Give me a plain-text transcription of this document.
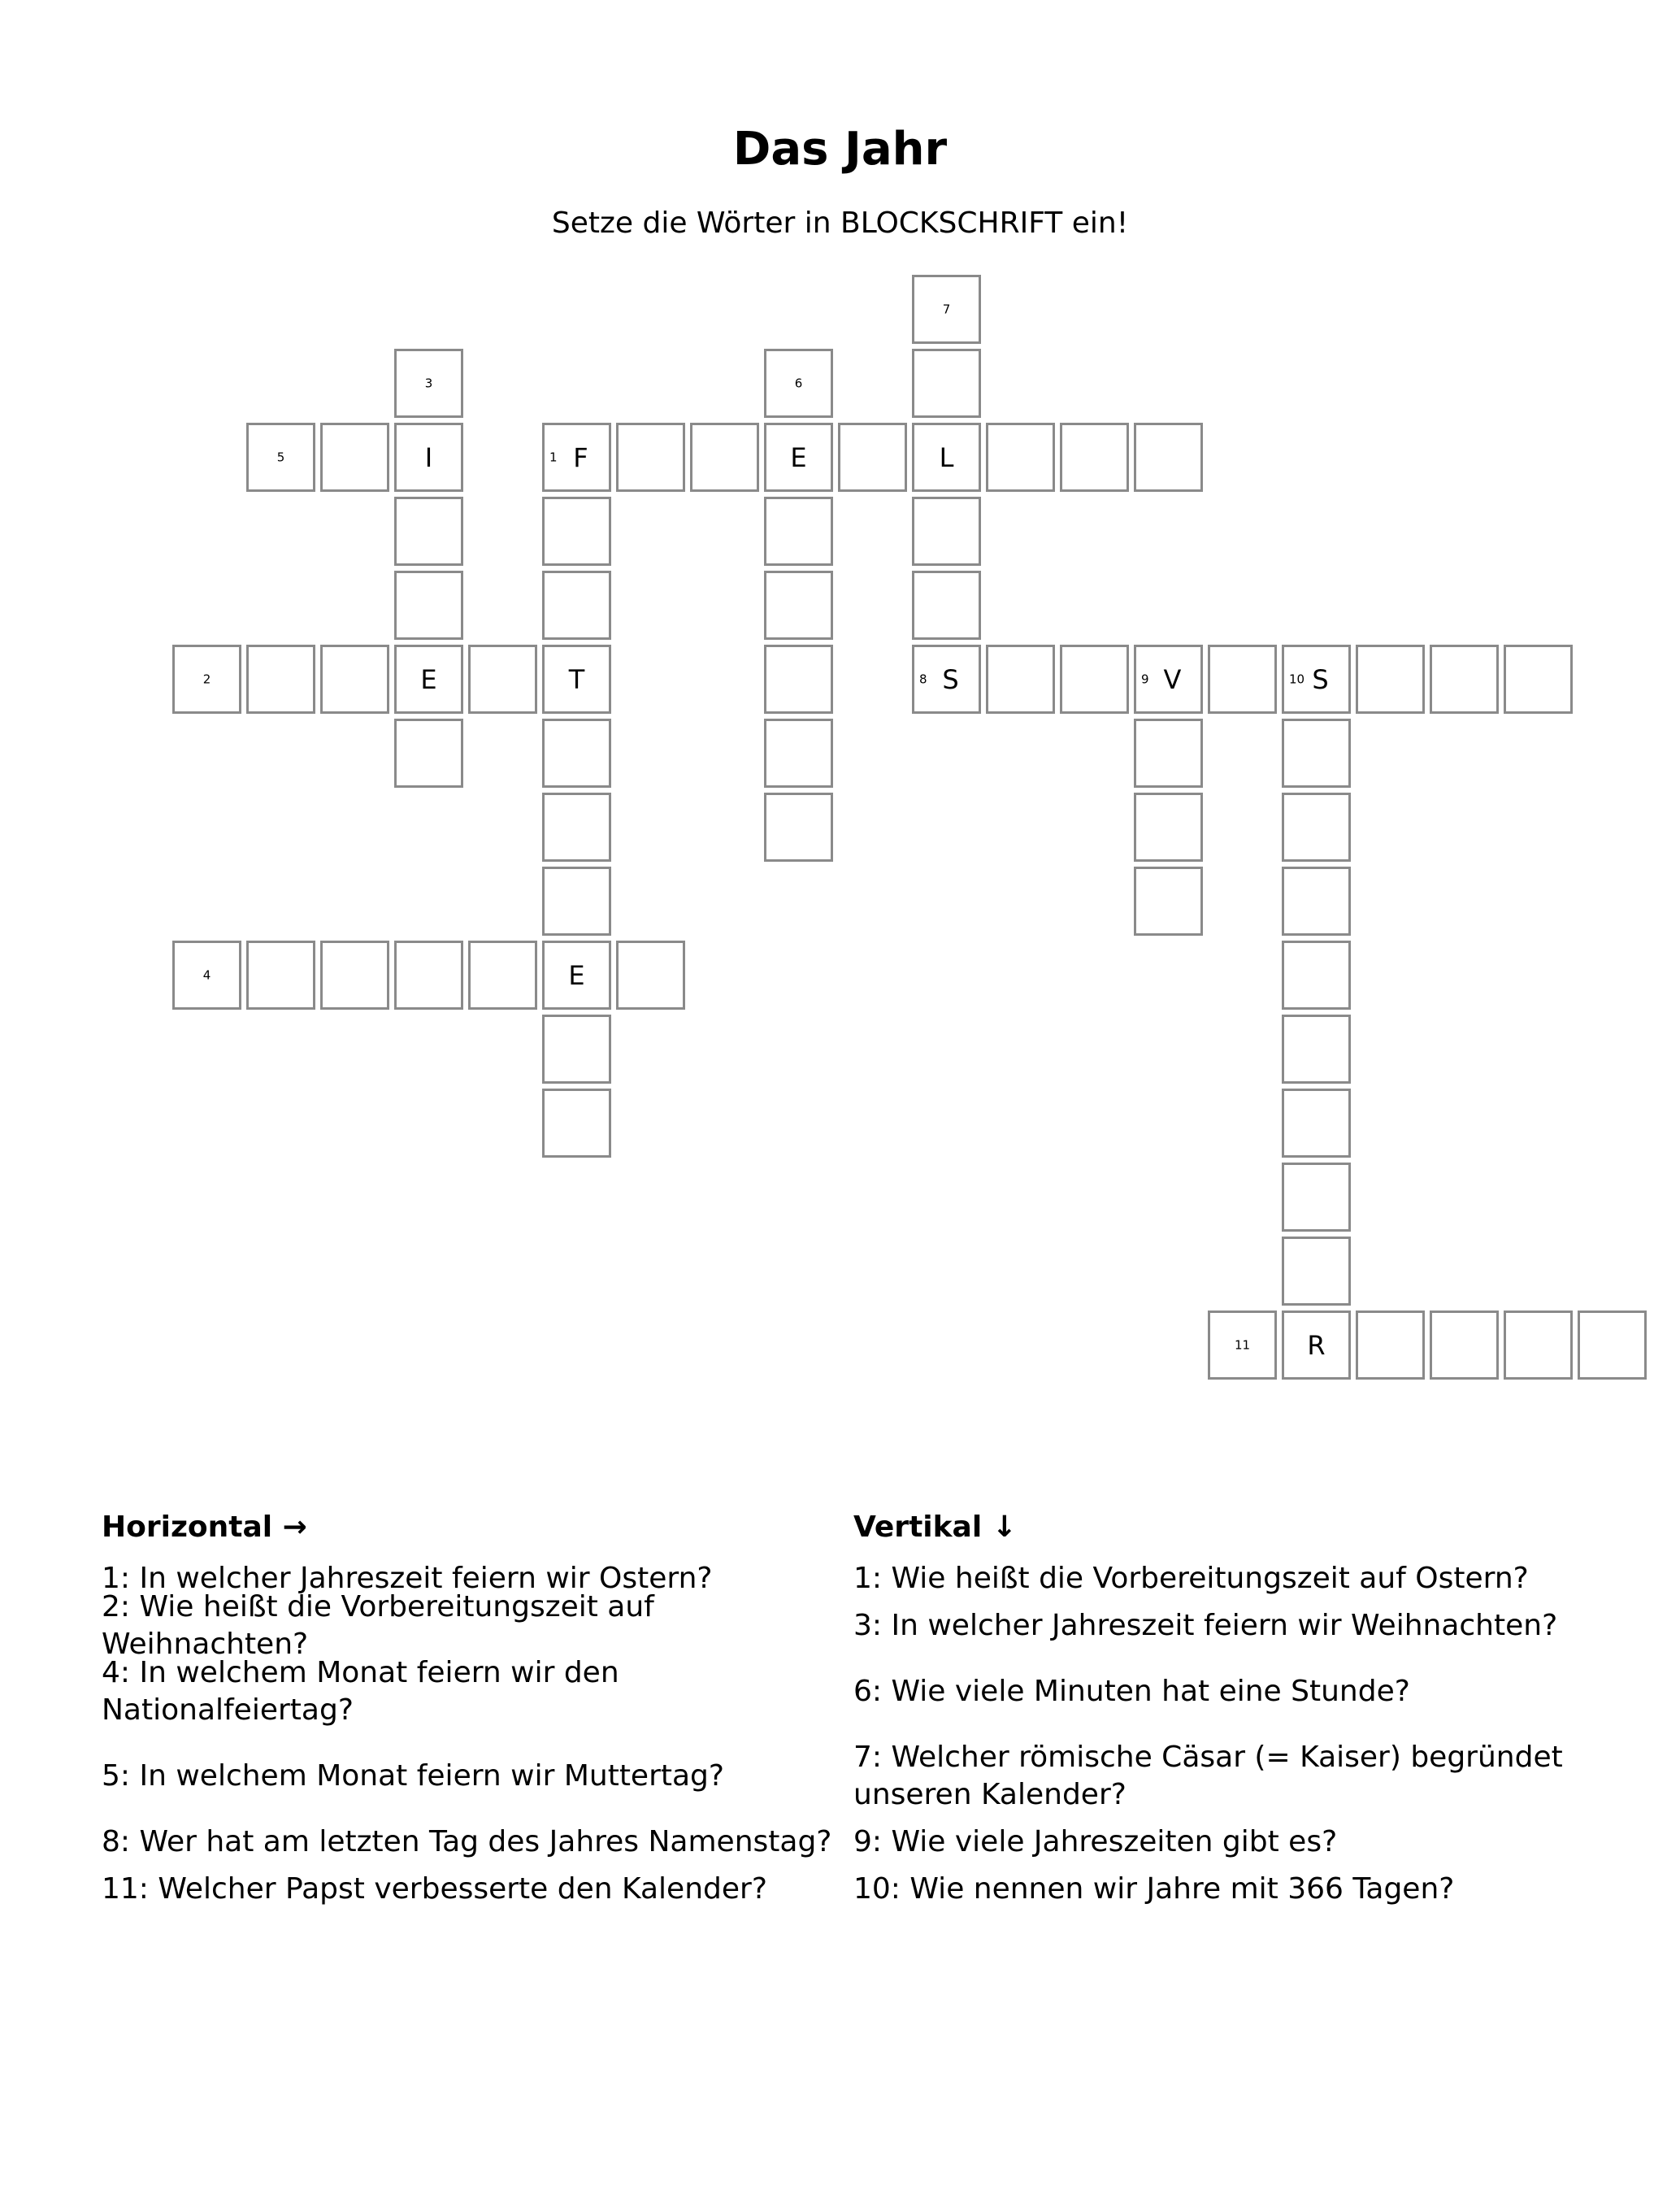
Das Jahr

Setze die Wörter in BLOCKSCHRIFT ein!

7
3	6
5	I	1 F	E	L
2	E	T	8 S	9 V	10 S
4	E
11	R
Horizontal →
1: In welcher Jahreszeit feiern wir Ostern?
2: Wie heißt die Vorbereitungszeit auf Weihnachten?
4: In welchem Monat feiern wir den Nationalfeiertag?
5: In welchem Monat feiern wir Muttertag?
8: Wer hat am letzten Tag des Jahres Namenstag?
11: Welcher Papst verbesserte den Kalender?
Vertikal ↓
1: Wie heißt die Vorbereitungszeit auf Ostern?
3: In welcher Jahreszeit feiern wir Weihnachten?
6: Wie viele Minuten hat eine Stunde?
7: Welcher römische Cäsar (= Kaiser) begründet unseren Kalender?
9: Wie viele Jahreszeiten gibt es?
10: Wie nennen wir Jahre mit 366 Tagen?
